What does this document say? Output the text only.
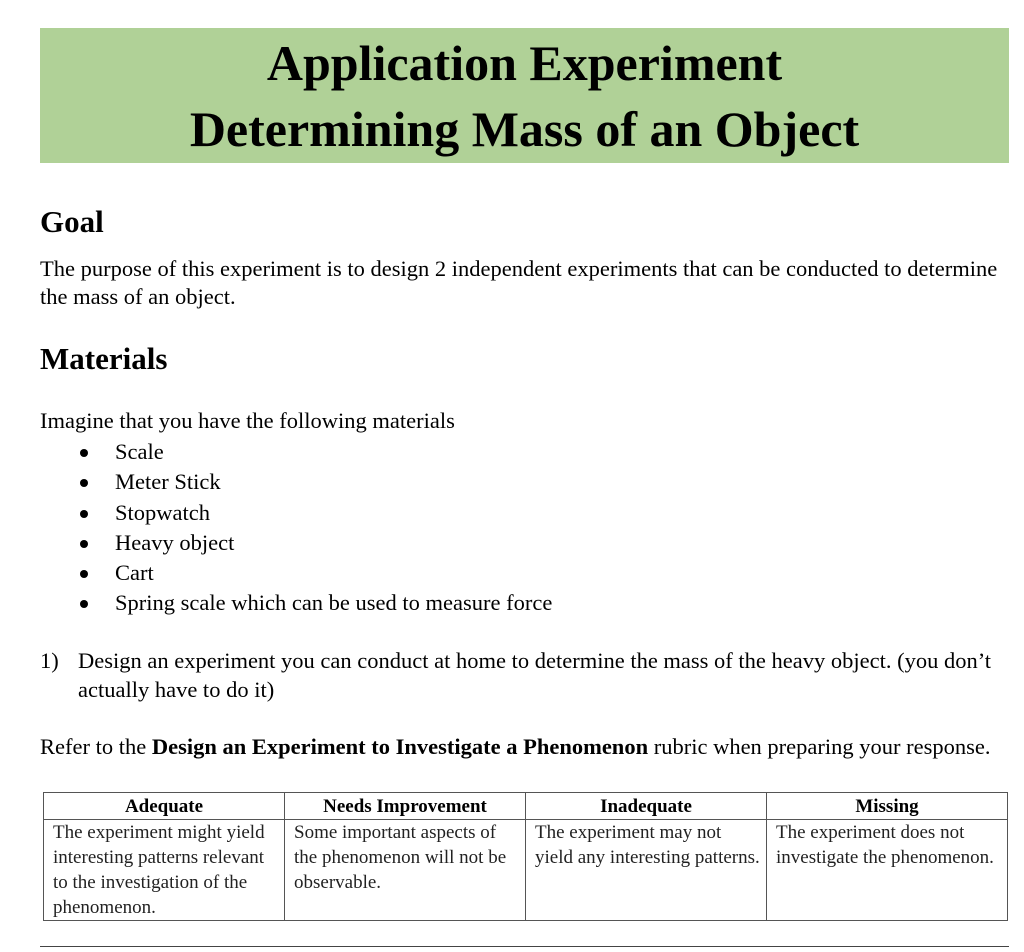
Application Experiment
Determining Mass of an Object
Goal

The purpose of this experiment is to design 2 independent experiments that can be conducted to determine the mass of an object.

Materials

Imagine that you have the following materials

Scale
Meter Stick
Stopwatch
Heavy object
Cart
Spring scale which can be used to measure force
1) Design an experiment you can conduct at home to determine the mass of the heavy object. (you don’t actually have to do it)

Refer to the Design an Experiment to Investigate a Phenomenon rubric when preparing your response.

Adequate	Needs Improvement	Inadequate	Missing
The experiment might yield interesting patterns relevant to the investigation of the phenomenon.	Some important aspects of the phenomenon will not be observable.	The experiment may not yield any interesting patterns.	The experiment does not investigate the phenomenon.
